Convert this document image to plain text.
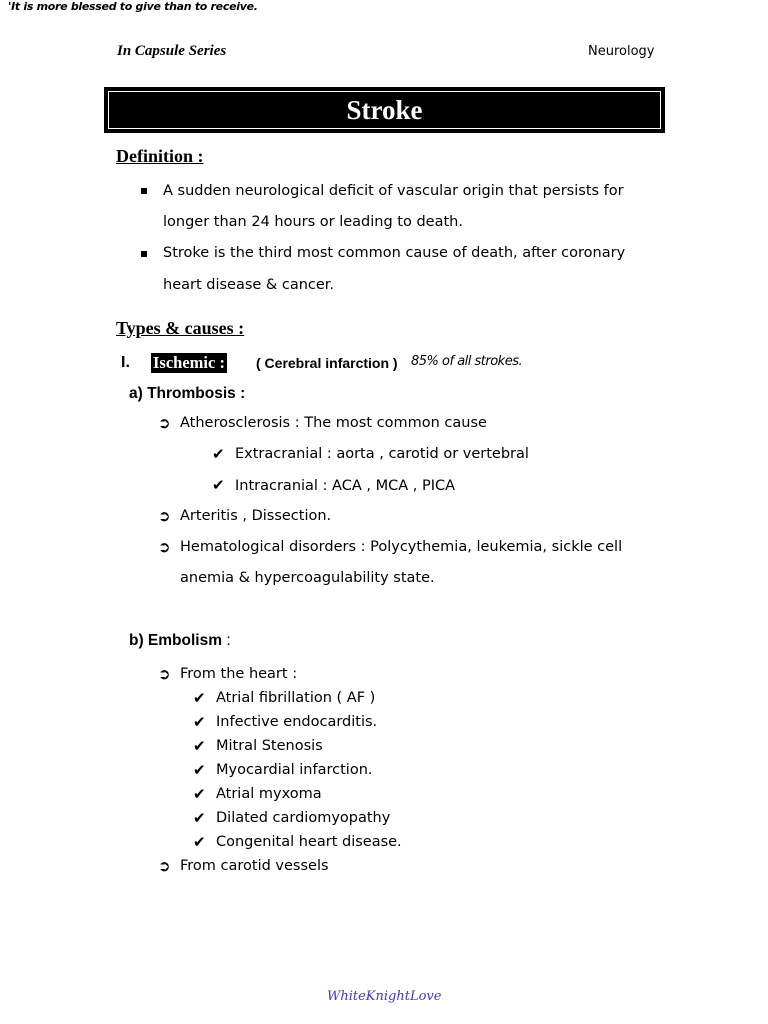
'It is more blessed to give than to receive.
In Capsule Series	Neurology
Stroke
Definition :
A sudden neurological deficit of vascular origin that persists for
longer than 24 hours or leading to death.
Stroke is the third most common cause of death, after coronary
heart disease & cancer.
Types & causes :
I. Ischemic : ( Cerebral infarction ) 85% of all strokes.
a) Thrombosis :
➲ Atherosclerosis : The most common cause
✔ Extracranial : aorta , carotid or vertebral
✔ Intracranial : ACA , MCA , PICA
➲ Arteritis , Dissection.
➲ Hematological disorders : Polycythemia, leukemia, sickle cell
anemia & hypercoagulability state.
b) Embolism :
➲ From the heart :
✔ Atrial fibrillation ( AF )
✔ Infective endocarditis.
✔ Mitral Stenosis
✔ Myocardial infarction.
✔ Atrial myxoma
✔ Dilated cardiomyopathy
✔ Congenital heart disease.
➲ From carotid vessels
WhiteKnightLove
